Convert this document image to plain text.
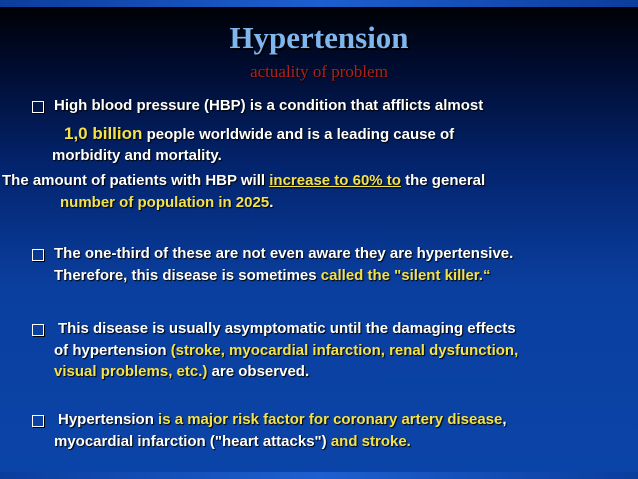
Hypertension
actuality of problem
High blood pressure (HBP) is a condition that afflicts almost
1,0 billion people worldwide and is a leading cause of
morbidity and mortality.
The amount of patients with HBP will increase to 60% to the general
number of population in 2025.
The one-third of these are not even aware they are hypertensive.
Therefore, this disease is sometimes called the "silent killer.“
This disease is usually asymptomatic until the damaging effects
of hypertension (stroke, myocardial infarction, renal dysfunction,
visual problems, etc.) are observed.
Hypertension is a major risk factor for coronary artery disease,
myocardial infarction ("heart attacks") and stroke.
